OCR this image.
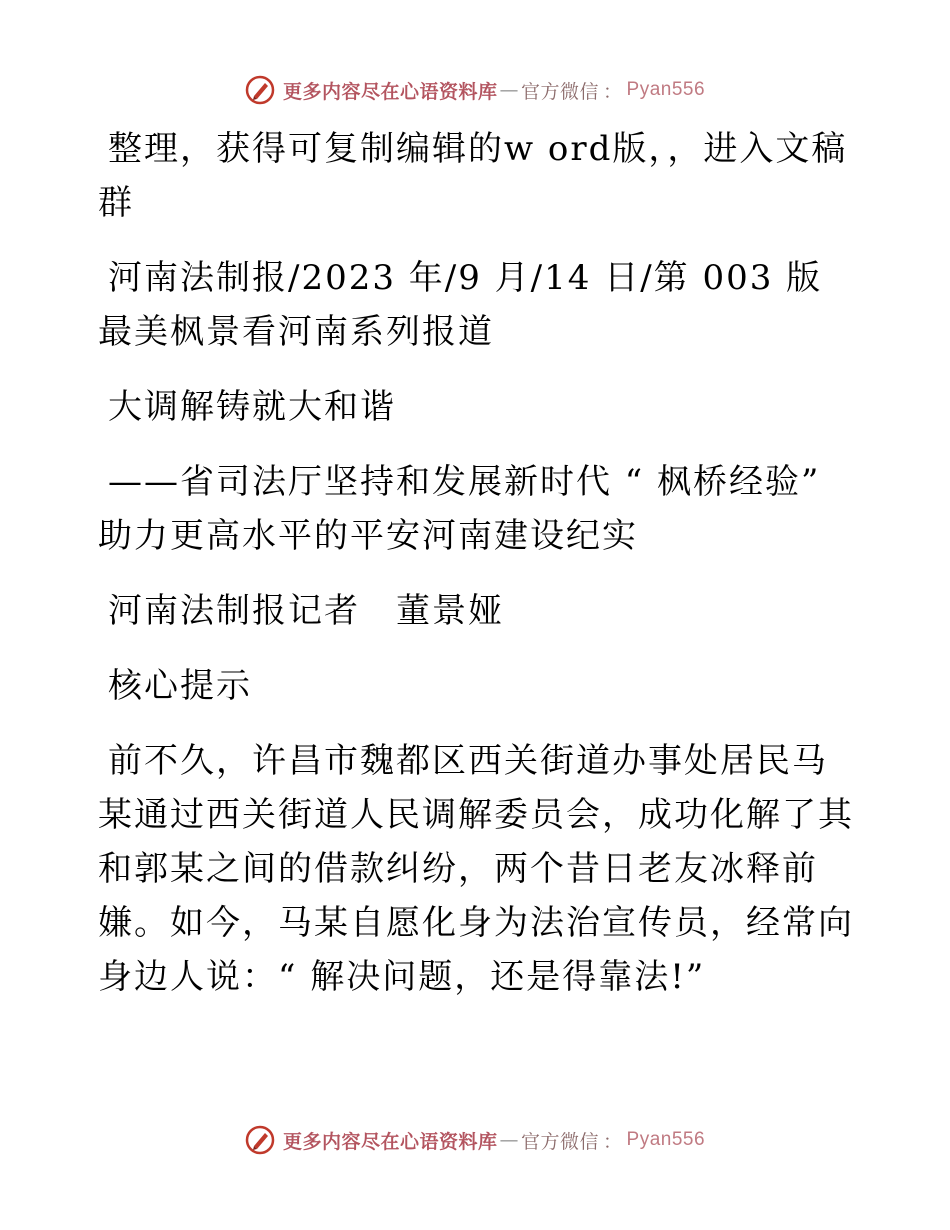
更多内容尽在心语资料库 — 官方微信 ： Pyan556

整理，获得可复制编辑的w ord版，，进入文稿群

河南法制报/2023 年/9 月/14 日/第 003 版最美枫景看河南系列报道

大调解铸就大和谐

——省司法厅坚持和发展新时代 “ 枫桥经验” 助力更高水平的平安河南建设纪实

河南法制报记者　董景娅

核心提示

前不久，许昌市魏都区西关街道办事处居民马某通过西关街道人民调解委员会，成功化解了其和郭某之间的借款纠纷，两个昔日老友冰释前嫌。如今，马某自愿化身为法治宣传员，经常向身边人说：“ 解决问题，还是得靠法!”

更多内容尽在心语资料库 — 官方微信 ： Pyan556
